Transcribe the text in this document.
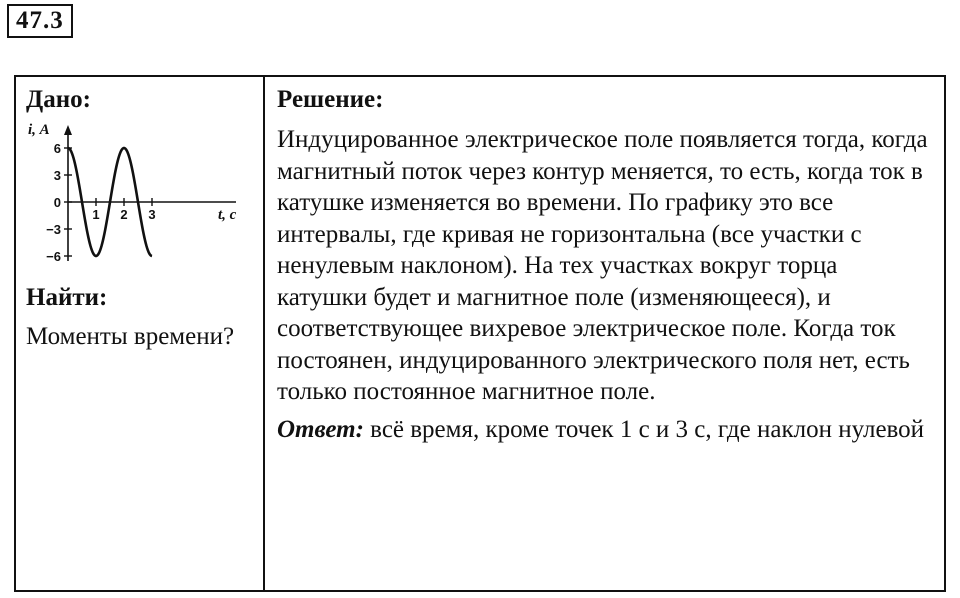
47.3
Дано:
6
3
0
−3
−6
1 2 3
i, А
t, с
Найти:
Моменты времени?
Решение:
Индуцированное электрическое поле появляется тогда, когда магнитный поток через контур меняется, то есть, когда ток в катушке изменяется во времени. По графику это все интервалы, где кривая не горизонтальна (все участки с ненулевым наклоном). На тех участках вокруг торца катушки будет и магнитное поле (изменяющееся), и соответствующее вихревое электрическое поле. Когда ток постоянен, индуцированного электрического поля нет, есть только постоянное магнитное поле.
Ответ: всё время, кроме точек 1 с и 3 с, где наклон нулевой
